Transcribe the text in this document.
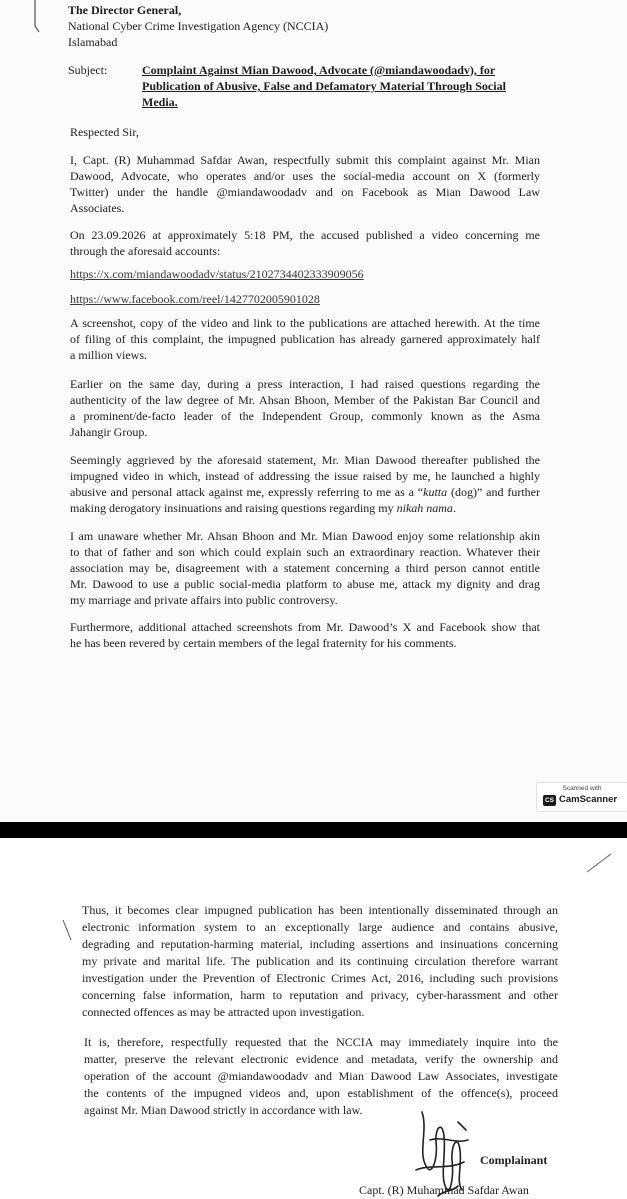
The Director General,
National Cyber Crime Investigation Agency (NCCIA)
Islamabad
Subject:	Complaint Against Mian Dawood, Advocate (@miandawoodadv), for
Publication of Abusive, False and Defamatory Material Through Social
Media.
Respected Sir,
I, Capt. (R) Muhammad Safdar Awan, respectfully submit this complaint against Mr. Mian
Dawood, Advocate, who operates and/or uses the social-media account on X (formerly
Twitter) under the handle @miandawoodadv and on Facebook as Mian Dawood Law
Associates.
On 23.09.2026 at approximately 5:18 PM, the accused published a video concerning me
through the aforesaid accounts:
https://x.com/miandawoodadv/status/2102734402333909056
https://www.facebook.com/reel/1427702005901028
A screenshot, copy of the video and link to the publications are attached herewith. At the time
of filing of this complaint, the impugned publication has already garnered approximately half
a million views.
Earlier on the same day, during a press interaction, I had raised questions regarding the
authenticity of the law degree of Mr. Ahsan Bhoon, Member of the Pakistan Bar Council and
a prominent/de-facto leader of the Independent Group, commonly known as the Asma
Jahangir Group.
Seemingly aggrieved by the aforesaid statement, Mr. Mian Dawood thereafter published the
impugned video in which, instead of addressing the issue raised by me, he launched a highly
abusive and personal attack against me, expressly referring to me as a “kutta (dog)” and further
making derogatory insinuations and raising questions regarding my nikah nama.
I am unaware whether Mr. Ahsan Bhoon and Mr. Mian Dawood enjoy some relationship akin
to that of father and son which could explain such an extraordinary reaction. Whatever their
association may be, disagreement with a statement concerning a third person cannot entitle
Mr. Dawood to use a public social-media platform to abuse me, attack my dignity and drag
my marriage and private affairs into public controversy.
Furthermore, additional attached screenshots from Mr. Dawood’s X and Facebook show that
he has been revered by certain members of the legal fraternity for his comments.
Scanned with
CS CamScanner
Thus, it becomes clear impugned publication has been intentionally disseminated through an
electronic information system to an exceptionally large audience and contains abusive,
degrading and reputation-harming material, including assertions and insinuations concerning
my private and marital life. The publication and its continuing circulation therefore warrant
investigation under the Prevention of Electronic Crimes Act, 2016, including such provisions
concerning false information, harm to reputation and privacy, cyber-harassment and other
connected offences as may be attracted upon investigation.
It is, therefore, respectfully requested that the NCCIA may immediately inquire into the
matter, preserve the relevant electronic evidence and metadata, verify the ownership and
operation of the account @miandawoodadv and Mian Dawood Law Associates, investigate
the contents of the impugned videos and, upon establishment of the offence(s), proceed
against Mr. Mian Dawood strictly in accordance with law.
Complainant
Capt. (R) Muhammad Safdar Awan
